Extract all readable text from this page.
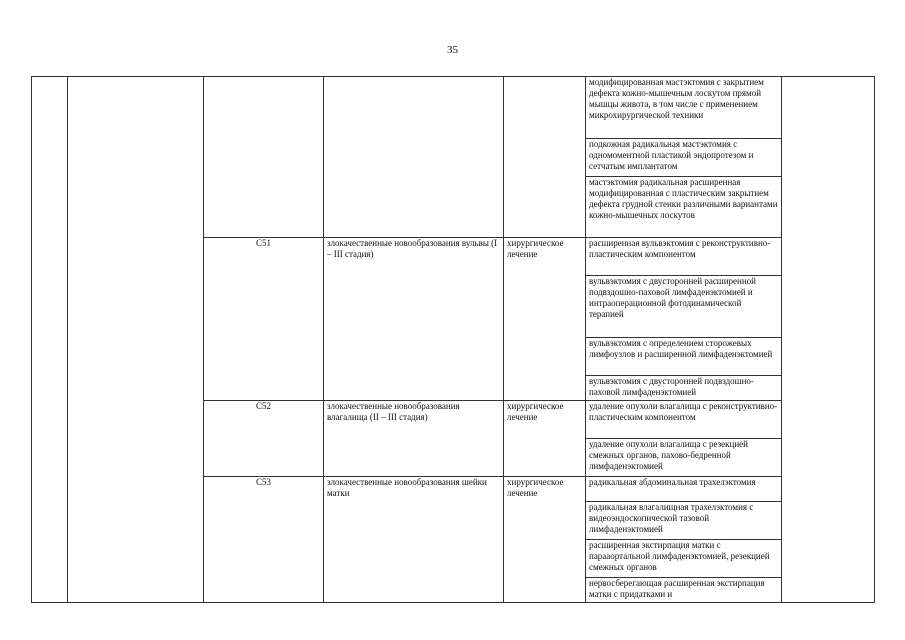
35
					модифицированная мастэктомия с закрытием дефекта кожно-мышечным лоскутом прямой мышцы живота, в том числе с применением микрохирургической техники	
					подкожная радикальная мастэктомия с одномоментной пластикой эндопротезом и сетчатым имплантатом	
					мастэктомия радикальная расширенная модифицированная с пластическим закрытием дефекта грудной стенки различными вариантами кожно-мышечных лоскутов	
		C51	злокачественные новообразования вульвы (I – III стадия)	хирургическое лечение	расширенная вульвэктомия с реконструктивно-пластическим компонентом	
					вульвэктомия с двусторонней расширенной подвздошно-паховой лимфаденэктомией и интраоперационной фотодинамической терапией	
					вульвэктомия с определением сторожевых лимфоузлов и расширенной лимфаденэктомией	
					вульвэктомия с двусторонней подвздошно-паховой лимфаденэктомией	
		C52	злокачественные новообразования влагалища (II – III стадия)	хирургическое лечение	удаление опухоли влагалища с реконструктивно-пластическим компонентом	
					удаление опухоли влагалища с резекцией смежных органов, пахово-бедренной лимфаденэктомией	
		C53	злокачественные новообразования шейки матки	хирургическое лечение	радикальная абдоминальная трахелэктомия	
					радикальная влагалищная трахелэктомия с видеоэндоскопической тазовой лимфаденэктомией	
					расширенная экстирпация матки с парааортальной лимфаденэктомией, резекцией смежных органов	
					нервосберегающая расширенная экстирпация матки с придатками и	
